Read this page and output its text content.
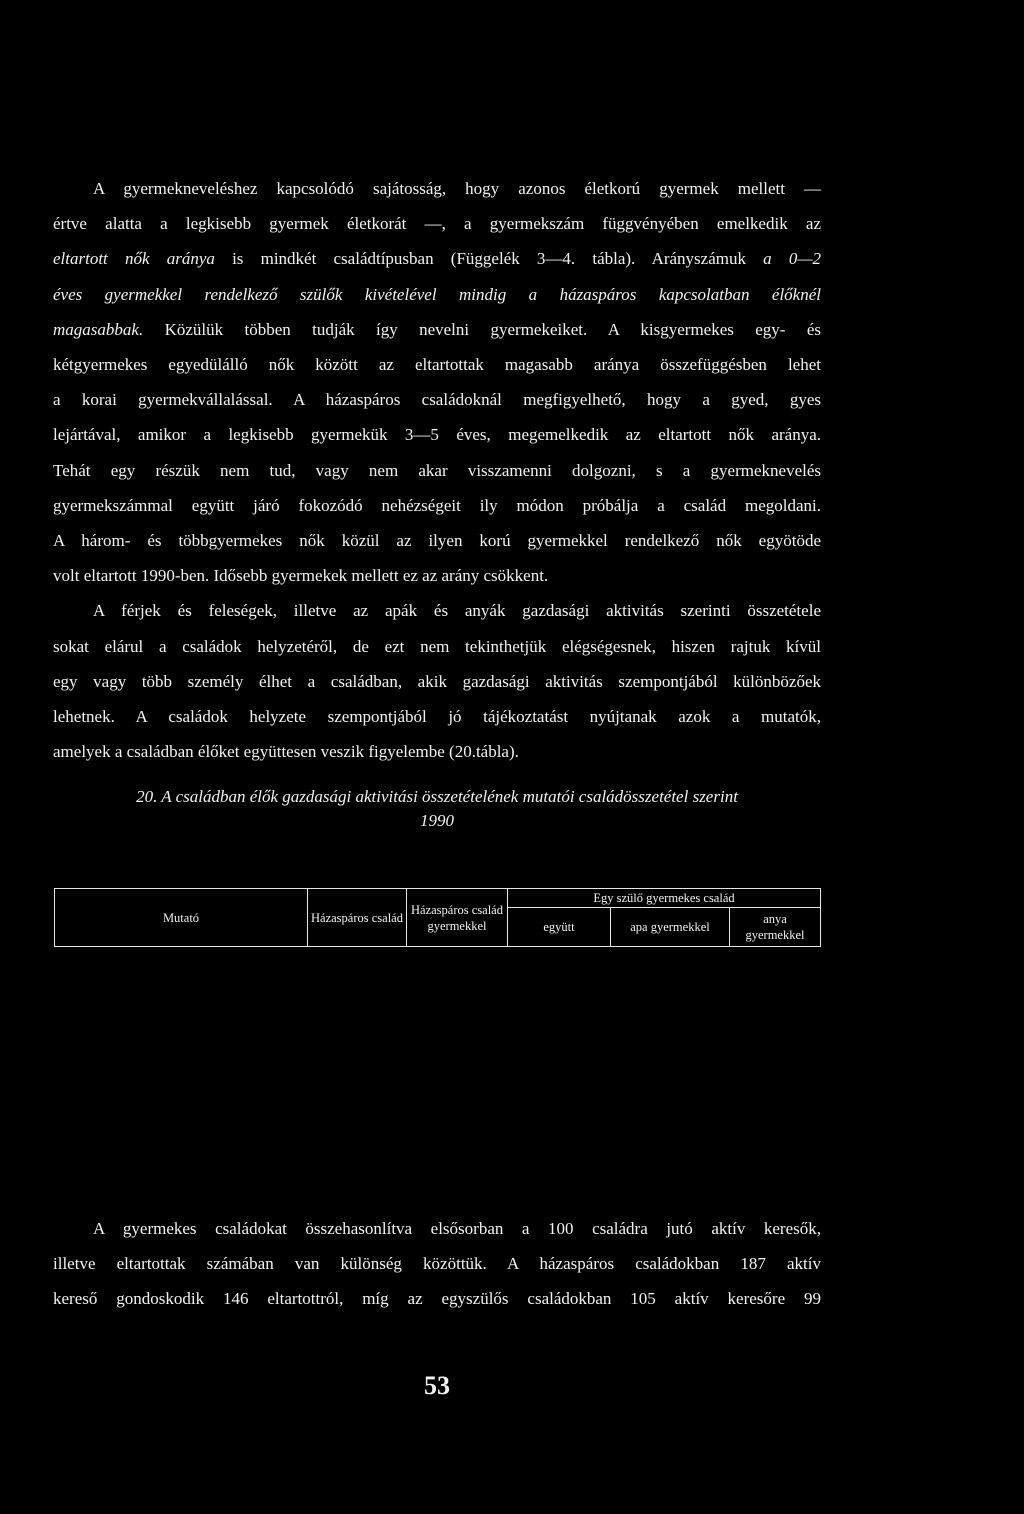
A gyermekneveléshez kapcsolódó sajátosság, hogy azonos életkorú gyermek mellett —

értve alatta a legkisebb gyermek életkorát —, a gyermekszám függvényében emelkedik az

eltartott nők aránya is mindkét családtípusban (Függelék 3—4. tábla). Arányszámuk a 0—2

éves gyermekkel rendelkező szülők kivételével mindig a házaspáros kapcsolatban élőknél

magasabbak. Közülük többen tudják így nevelni gyermekeiket. A kisgyermekes egy- és

kétgyermekes egyedülálló nők között az eltartottak magasabb aránya összefüggésben lehet

a korai gyermekvállalással. A házaspáros családoknál megfigyelhető, hogy a gyed, gyes

lejártával, amikor a legkisebb gyermekük 3—5 éves, megemelkedik az eltartott nők aránya.

Tehát egy részük nem tud, vagy nem akar visszamenni dolgozni, s a gyermeknevelés

gyermekszámmal együtt járó fokozódó nehézségeit ily módon próbálja a család megoldani.

A három- és többgyermekes nők közül az ilyen korú gyermekkel rendelkező nők egyötöde

volt eltartott 1990-ben. Idősebb gyermekek mellett ez az arány csökkent.

A férjek és feleségek, illetve az apák és anyák gazdasági aktivitás szerinti összetétele

sokat elárul a családok helyzetéről, de ezt nem tekinthetjük elégségesnek, hiszen rajtuk kívül

egy vagy több személy élhet a családban, akik gazdasági aktivitás szempontjából különbözőek

lehetnek. A családok helyzete szempontjából jó tájékoztatást nyújtanak azok a mutatók,

amelyek a családban élőket együttesen veszik figyelembe (20.tábla).

20. A családban élők gazdasági aktivitási összetételének mutatói családösszetétel szerint
1990
Mutató	Házaspáros család	Házaspáros család gyermekkel	Egy szülő gyermekes család		
			együtt	apa gyermekkel	anya gyermekkel

A gyermekes családokat összehasonlítva elsősorban a 100 családra jutó aktív keresők,

illetve eltartottak számában van különség közöttük. A házaspáros családokban 187 aktív

kereső gondoskodik 146 eltartottról, míg az egyszülős családokban 105 aktív keresőre 99

53
